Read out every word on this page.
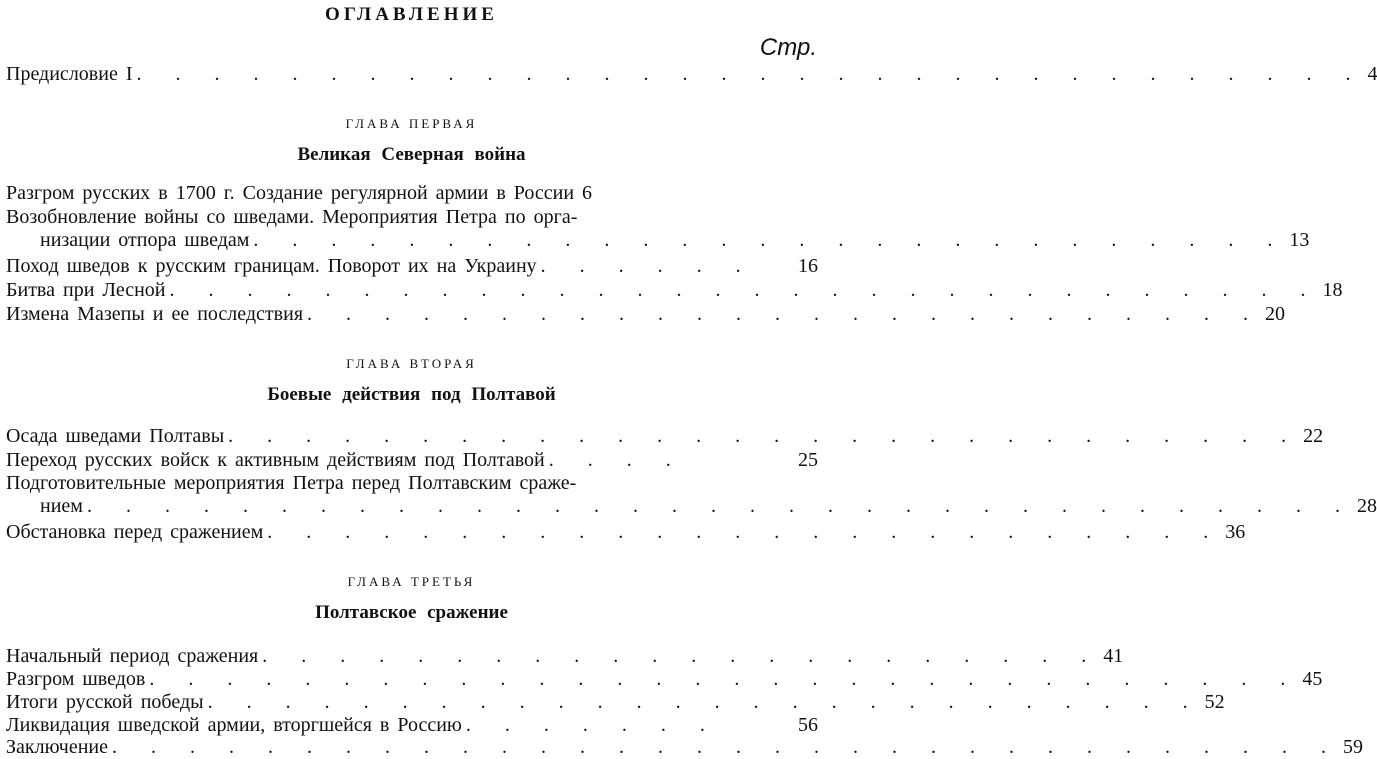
ОГЛАВЛЕНИЕ
Стр.
Предисловие I . . . . . . . . . . . . . . . . . . . . . . . . . . . . . . . . 4
ГЛАВА ПЕРВАЯ
Великая Северная война
Разгром русских в 1700 г. Создание регулярной армии в России 6
Возобновление войны со шведами. Мероприятия Петра по орга-
низации отпора шведам . . . . . . . . . . . . . . . . . . . . . . . . . . . 13
Поход шведов к русским границам. Поворот их на Украину . . . . . .	16
Битва при Лесной . . . . . . . . . . . . . . . . . . . . . . . . . . . . . . 18
Измена Мазепы и ее последствия . . . . . . . . . . . . . . . . . . . . . . . . . 20
ГЛАВА ВТОРАЯ
Боевые действия под Полтавой
Осада шведами Полтавы . . . . . . . . . . . . . . . . . . . . . . . . . . . . 22
Переход русских войск к активным действиям под Полтавой . . . .	25
Подготовительные мероприятия Петра перед Полтавским сраже-
нием . . . . . . . . . . . . . . . . . . . . . . . . . . . . . . . . . 28
Обстановка перед сражением . . . . . . . . . . . . . . . . . . . . . . . . . 36
ГЛАВА ТРЕТЬЯ
Полтавское сражение
Начальный период сражения . . . . . . . . . . . . . . . . . . . . . . 41
Разгром шведов . . . . . . . . . . . . . . . . . . . . . . . . . . . . . . 45
Итоги русской победы . . . . . . . . . . . . . . . . . . . . . . . . . . 52
Ликвидация шведской армии, вторгшейся в Россию . . . . . . .	56
Заключение . . . . . . . . . . . . . . . . . . . . . . . . . . . . . . . . 59
